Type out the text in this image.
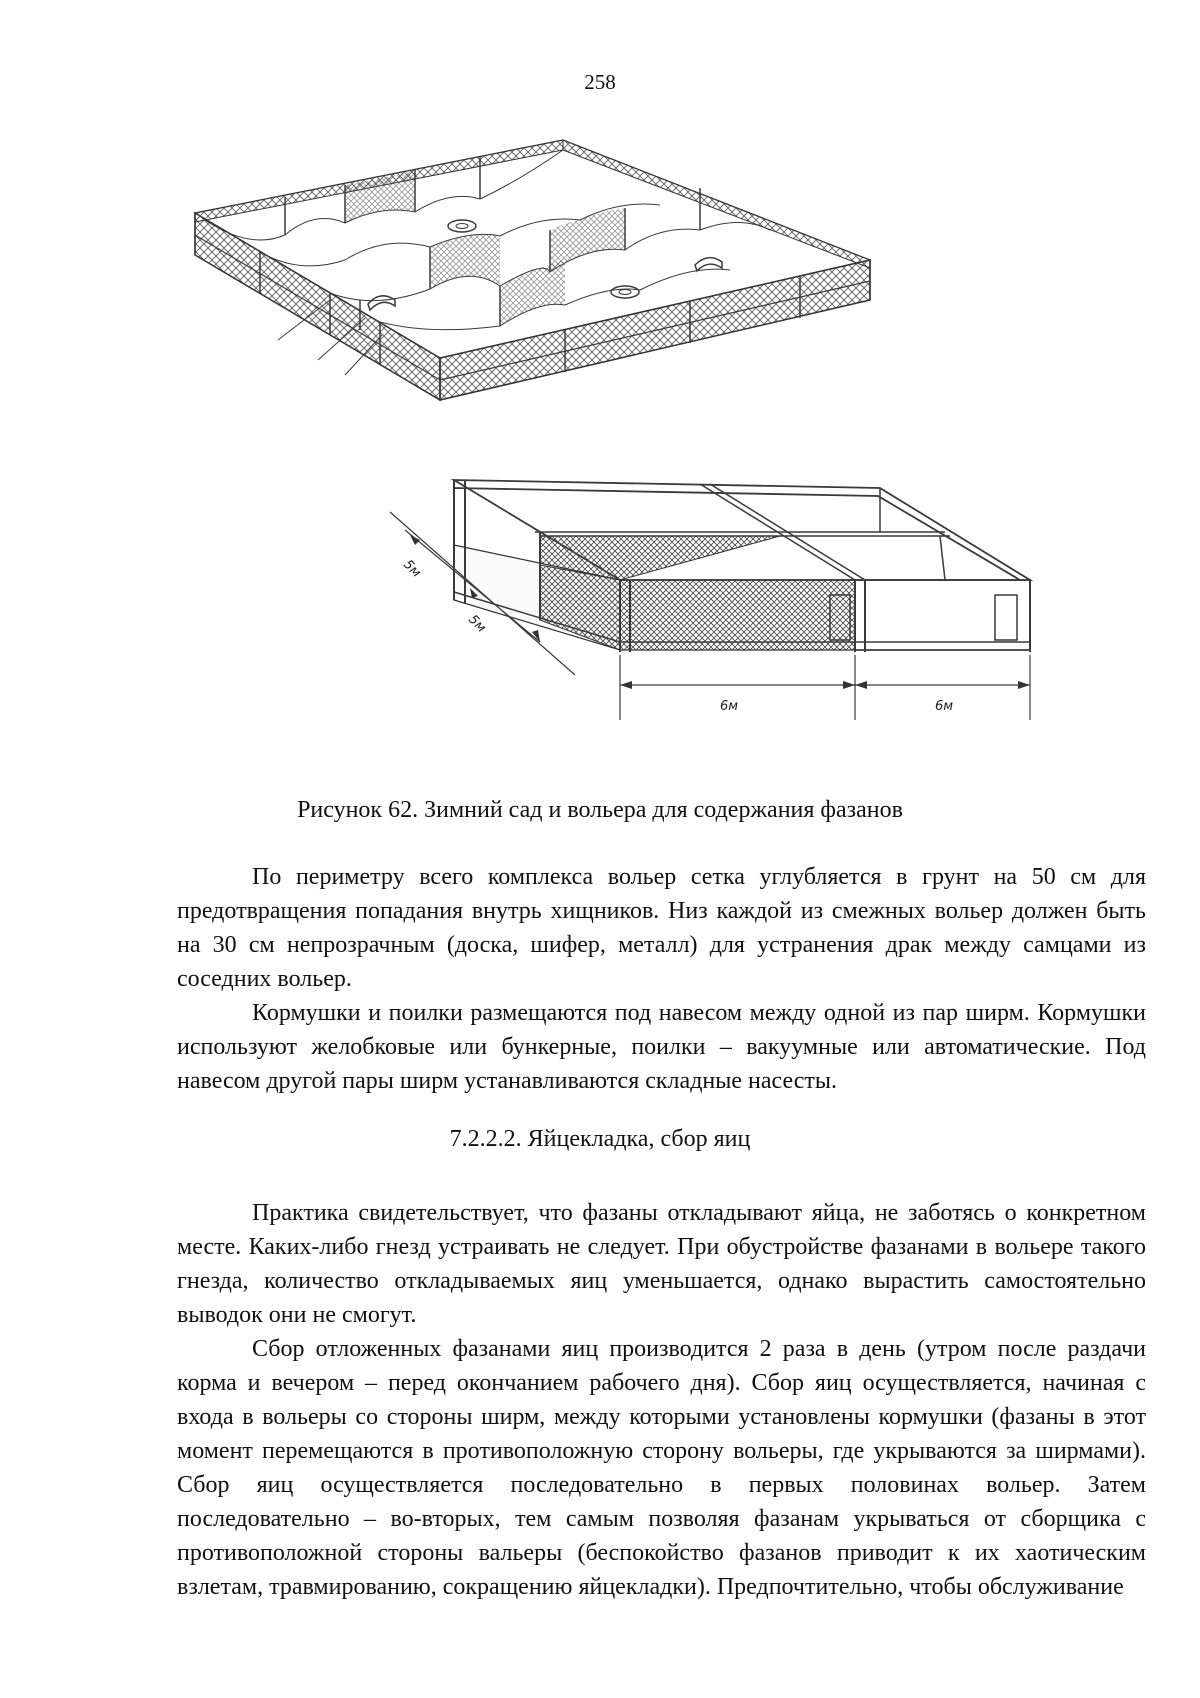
258
5м
5м
6м	6м
Рисунок 62. Зимний сад и вольера для содержания фазанов

По периметру всего комплекса вольер сетка углубляется в грунт на 50 см для предотвращения попадания внутрь хищников. Низ каждой из смежных вольер должен быть на 30 см непрозрачным (доска, шифер, металл) для устранения драк между самцами из соседних вольер.

Кормушки и поилки размещаются под навесом между одной из пар ширм. Кормушки используют желобковые или бункерные, поилки – вакуумные или автоматические. Под навесом другой пары ширм устанавливаются складные насесты.

7.2.2.2. Яйцекладка, сбор яиц

Практика свидетельствует, что фазаны откладывают яйца, не заботясь о конкретном месте. Каких-либо гнезд устраивать не следует. При обустройстве фазанами в вольере такого гнезда, количество откладываемых яиц уменьшается, однако вырастить самостоятельно выводок они не смогут.

Сбор отложенных фазанами яиц производится 2 раза в день (утром после раздачи корма и вечером – перед окончанием рабочего дня). Сбор яиц осуществляется, начиная с входа в вольеры со стороны ширм, между которыми установлены кормушки (фазаны в этот момент перемещаются в противоположную сторону вольеры, где укрываются за ширмами). Сбор яиц осуществляется последовательно в первых половинах вольер. Затем последовательно – во-вторых, тем самым позволяя фазанам укрываться от сборщика с противоположной стороны вальеры (беспокойство фазанов приводит к их хаотическим взлетам, травмированию, сокращению яйцекладки). Предпочтительно, чтобы обслуживание
